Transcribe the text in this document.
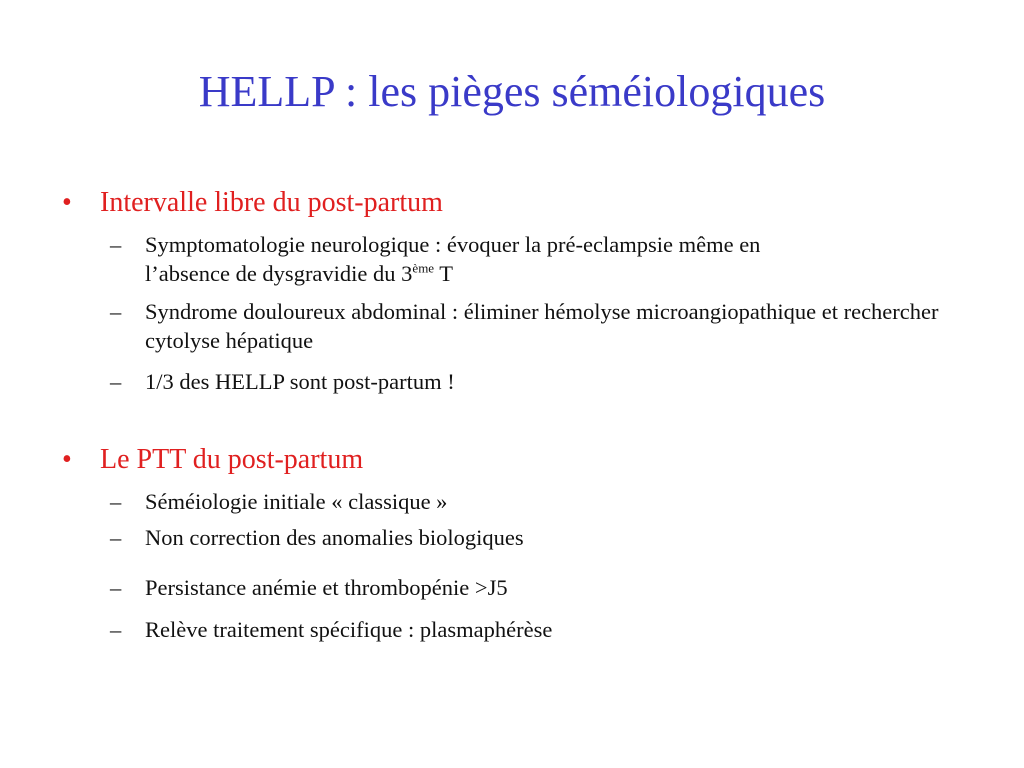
HELLP : les pièges séméiologiques
• Intervalle libre du post-partum
– Symptomatologie neurologique : évoquer la pré-eclampsie même en
l’absence de dysgravidie du 3ème T
– Syndrome douloureux abdominal : éliminer hémolyse microangiopathique et rechercher cytolyse hépatique
– 1/3 des HELLP sont post-partum !
• Le PTT du post-partum
– Séméiologie initiale « classique »
– Non correction des anomalies biologiques
– Persistance anémie et thrombopénie >J5
– Relève traitement spécifique : plasmaphérèse
